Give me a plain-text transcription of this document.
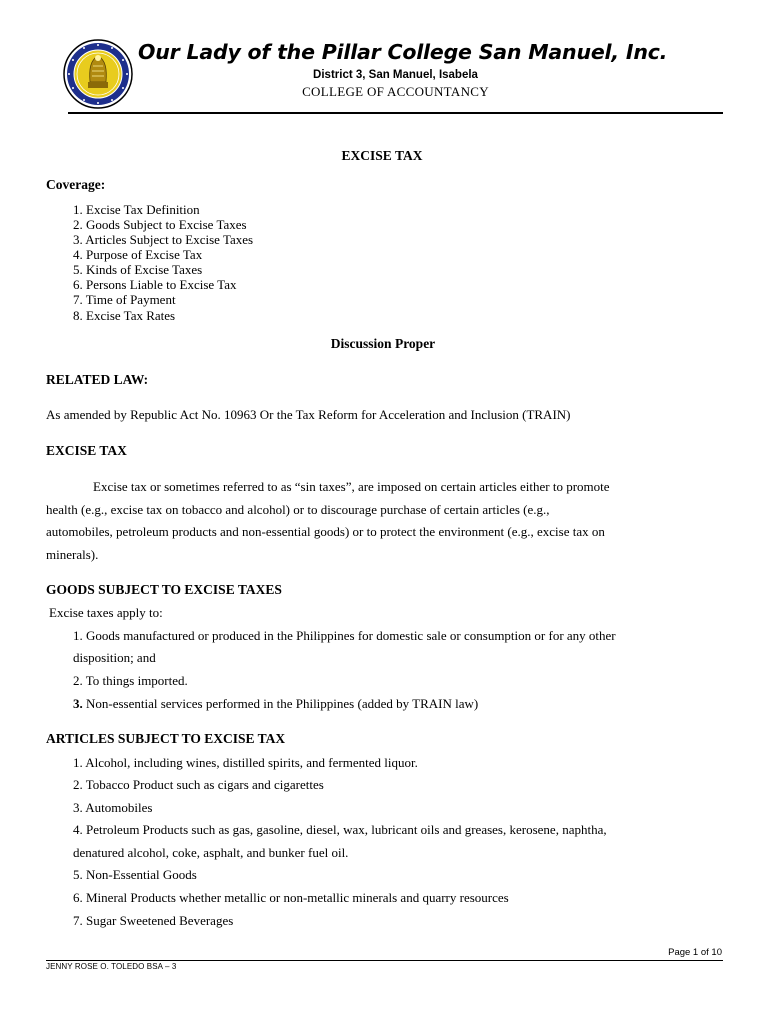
Our Lady of the Pillar College San Manuel, Inc.
District 3, San Manuel, Isabela
COLLEGE OF ACCOUNTANCY
EXCISE TAX
Coverage:
1. Excise Tax Definition
2. Goods Subject to Excise Taxes
3. Articles Subject to Excise Taxes
4. Purpose of Excise Tax
5. Kinds of Excise Taxes
6. Persons Liable to Excise Tax
7. Time of Payment
8. Excise Tax Rates
Discussion Proper
RELATED LAW:
As amended by Republic Act No. 10963 Or the Tax Reform for Acceleration and Inclusion (TRAIN)
EXCISE TAX
Excise tax or sometimes referred to as “sin taxes”, are imposed on certain articles either to promote
health (e.g., excise tax on tobacco and alcohol) or to discourage purchase of certain articles (e.g.,
automobiles, petroleum products and non-essential goods) or to protect the environment (e.g., excise tax on
minerals).
GOODS SUBJECT TO EXCISE TAXES
Excise taxes apply to:
1. Goods manufactured or produced in the Philippines for domestic sale or consumption or for any other
disposition; and
2. To things imported.
3. Non-essential services performed in the Philippines (added by TRAIN law)
ARTICLES SUBJECT TO EXCISE TAX
1. Alcohol, including wines, distilled spirits, and fermented liquor.
2. Tobacco Product such as cigars and cigarettes
3. Automobiles
4. Petroleum Products such as gas, gasoline, diesel, wax, lubricant oils and greases, kerosene, naphtha,
denatured alcohol, coke, asphalt, and bunker fuel oil.
5. Non-Essential Goods
6. Mineral Products whether metallic or non-metallic minerals and quarry resources
7. Sugar Sweetened Beverages
Page 1 of 10
JENNY ROSE O. TOLEDO BSA – 3
